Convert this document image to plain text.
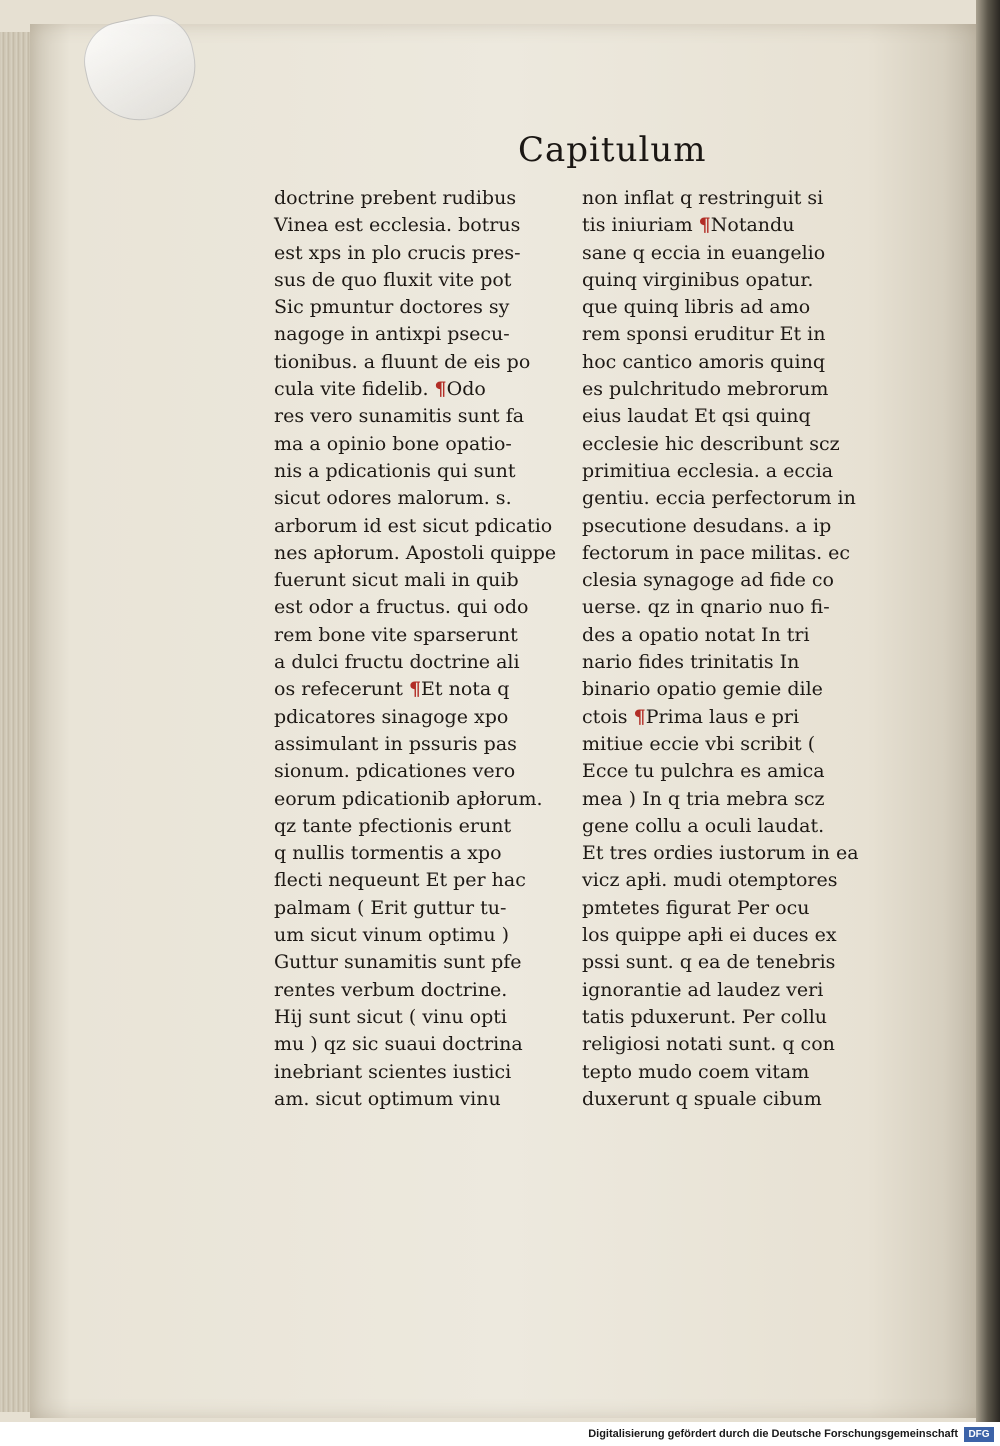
Capitulum
doctrine prebent rudibus
Vinea est ecclesia. botrus
est xps in plo crucis pres-
sus de quo fluxit vite pot
Sic pmuntur doctores sy
nagoge in antixpi psecu-
tionibus. a fluunt de eis po
cula vite fidelib. ¶Odo
res vero sunamitis sunt fa
ma a opinio bone opatio-
nis a pdicationis qui sunt
sicut odores malorum. s.
arborum id est sicut pdicatio
nes apłorum. Apostoli quippe
fuerunt sicut mali in quib
est odor a fructus. qui odo
rem bone vite sparserunt
a dulci fructu doctrine ali
os refecerunt ¶Et nota q
pdicatores sinagoge xpo
assimulant in pssuris pas
sionum. pdicationes vero
eorum pdicationib apłorum.
qz tante pfectionis erunt
q nullis tormentis a xpo
flecti nequeunt Et per hac
palmam ( Erit guttur tu-
um sicut vinum optimu )
Guttur sunamitis sunt pfe
rentes verbum doctrine.
Hij sunt sicut ( vinu opti
mu ) qz sic suaui doctrina
inebriant scientes iustici
am. sicut optimum vinu
non inflat q restringuit si
tis iniuriam ¶Notandu
sane q eccia in euangelio
quinq virginibus opatur.
que quinq libris ad amo
rem sponsi eruditur Et in
hoc cantico amoris quinq
es pulchritudo mebrorum
eius laudat Et qsi quinq
ecclesie hic describunt scz
primitiua ecclesia. a eccia
gentiu. eccia perfectorum in
psecutione desudans. a ip
fectorum in pace militas. ec
clesia synagoge ad fide co
uerse. qz in qnario nuo fi-
des a opatio notat In tri
nario fides trinitatis In
binario opatio gemie dile
ctois ¶Prima laus e pri
mitiue eccie vbi scribit (
Ecce tu pulchra es amica
mea ) In q tria mebra scz
gene collu a oculi laudat.
Et tres ordies iustorum in ea
vicz apłi. mudi otemptores
pmtetes figurat Per ocu
los quippe apłi ei duces ex
pssi sunt. q ea de tenebris
ignorantie ad laudez veri
tatis pduxerunt. Per collu
religiosi notati sunt. q con
tepto mudo coem vitam
duxerunt q spuale cibum
Digitalisierung gefördert durch die Deutsche Forschungsgemeinschaft	DFG
